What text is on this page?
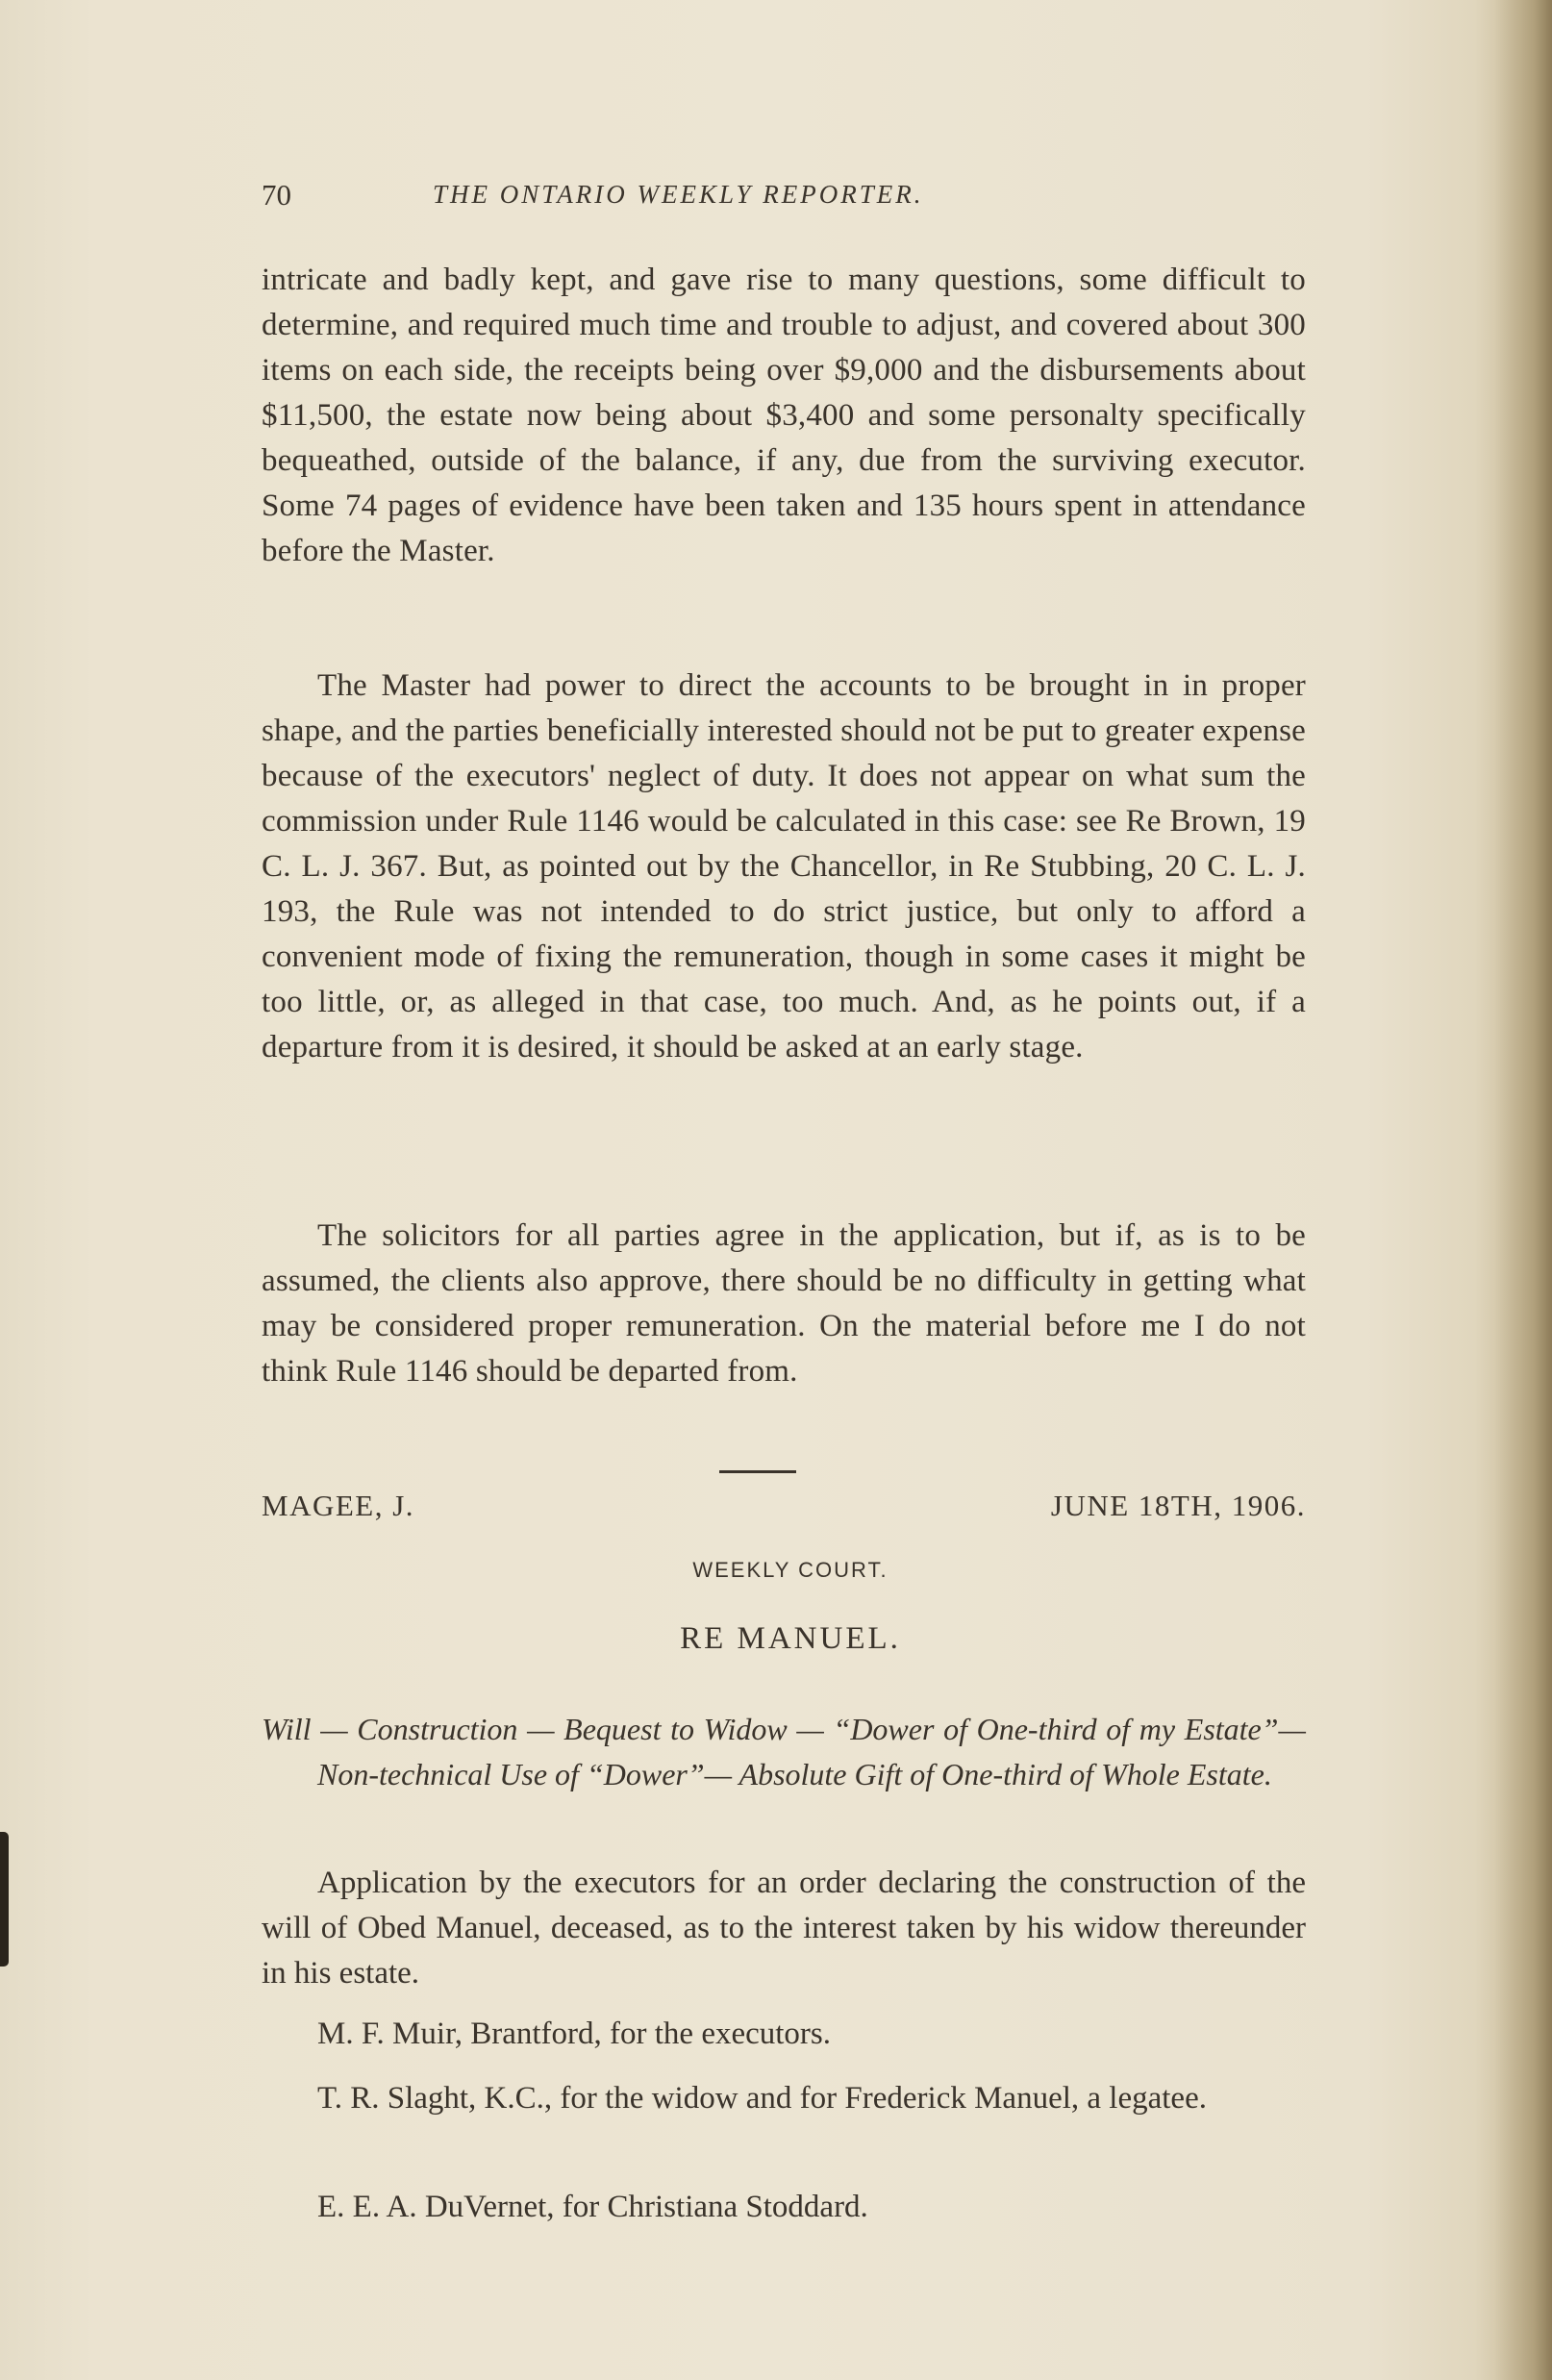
70	THE ONTARIO WEEKLY REPORTER.

intricate and badly kept, and gave rise to many questions, some difficult to determine, and required much time and trouble to adjust, and covered about 300 items on each side, the receipts being over $9,000 and the disbursements about $11,500, the estate now being about $3,400 and some personalty specifically bequeathed, outside of the balance, if any, due from the surviving executor. Some 74 pages of evidence have been taken and 135 hours spent in attendance before the Master.

The Master had power to direct the accounts to be brought in in proper shape, and the parties beneficially interested should not be put to greater expense because of the executors' neglect of duty. It does not appear on what sum the commission under Rule 1146 would be calculated in this case: see Re Brown, 19 C. L. J. 367. But, as pointed out by the Chancellor, in Re Stubbing, 20 C. L. J. 193, the Rule was not intended to do strict justice, but only to afford a convenient mode of fixing the remuneration, though in some cases it might be too little, or, as alleged in that case, too much. And, as he points out, if a departure from it is desired, it should be asked at an early stage.

The solicitors for all parties agree in the application, but if, as is to be assumed, the clients also approve, there should be no difficulty in getting what may be considered proper remuneration. On the material before me I do not think Rule 1146 should be departed from.

MAGEE, J.	JUNE 18TH, 1906.
WEEKLY COURT.
RE MANUEL.

Will — Construction — Bequest to Widow — “Dower of One-third of my Estate”—Non-technical Use of “Dower”— Absolute Gift of One-third of Whole Estate.

Application by the executors for an order declaring the construction of the will of Obed Manuel, deceased, as to the interest taken by his widow thereunder in his estate.

M. F. Muir, Brantford, for the executors.

T. R. Slaght, K.C., for the widow and for Frederick Manuel, a legatee.

E. E. A. DuVernet, for Christiana Stoddard.
